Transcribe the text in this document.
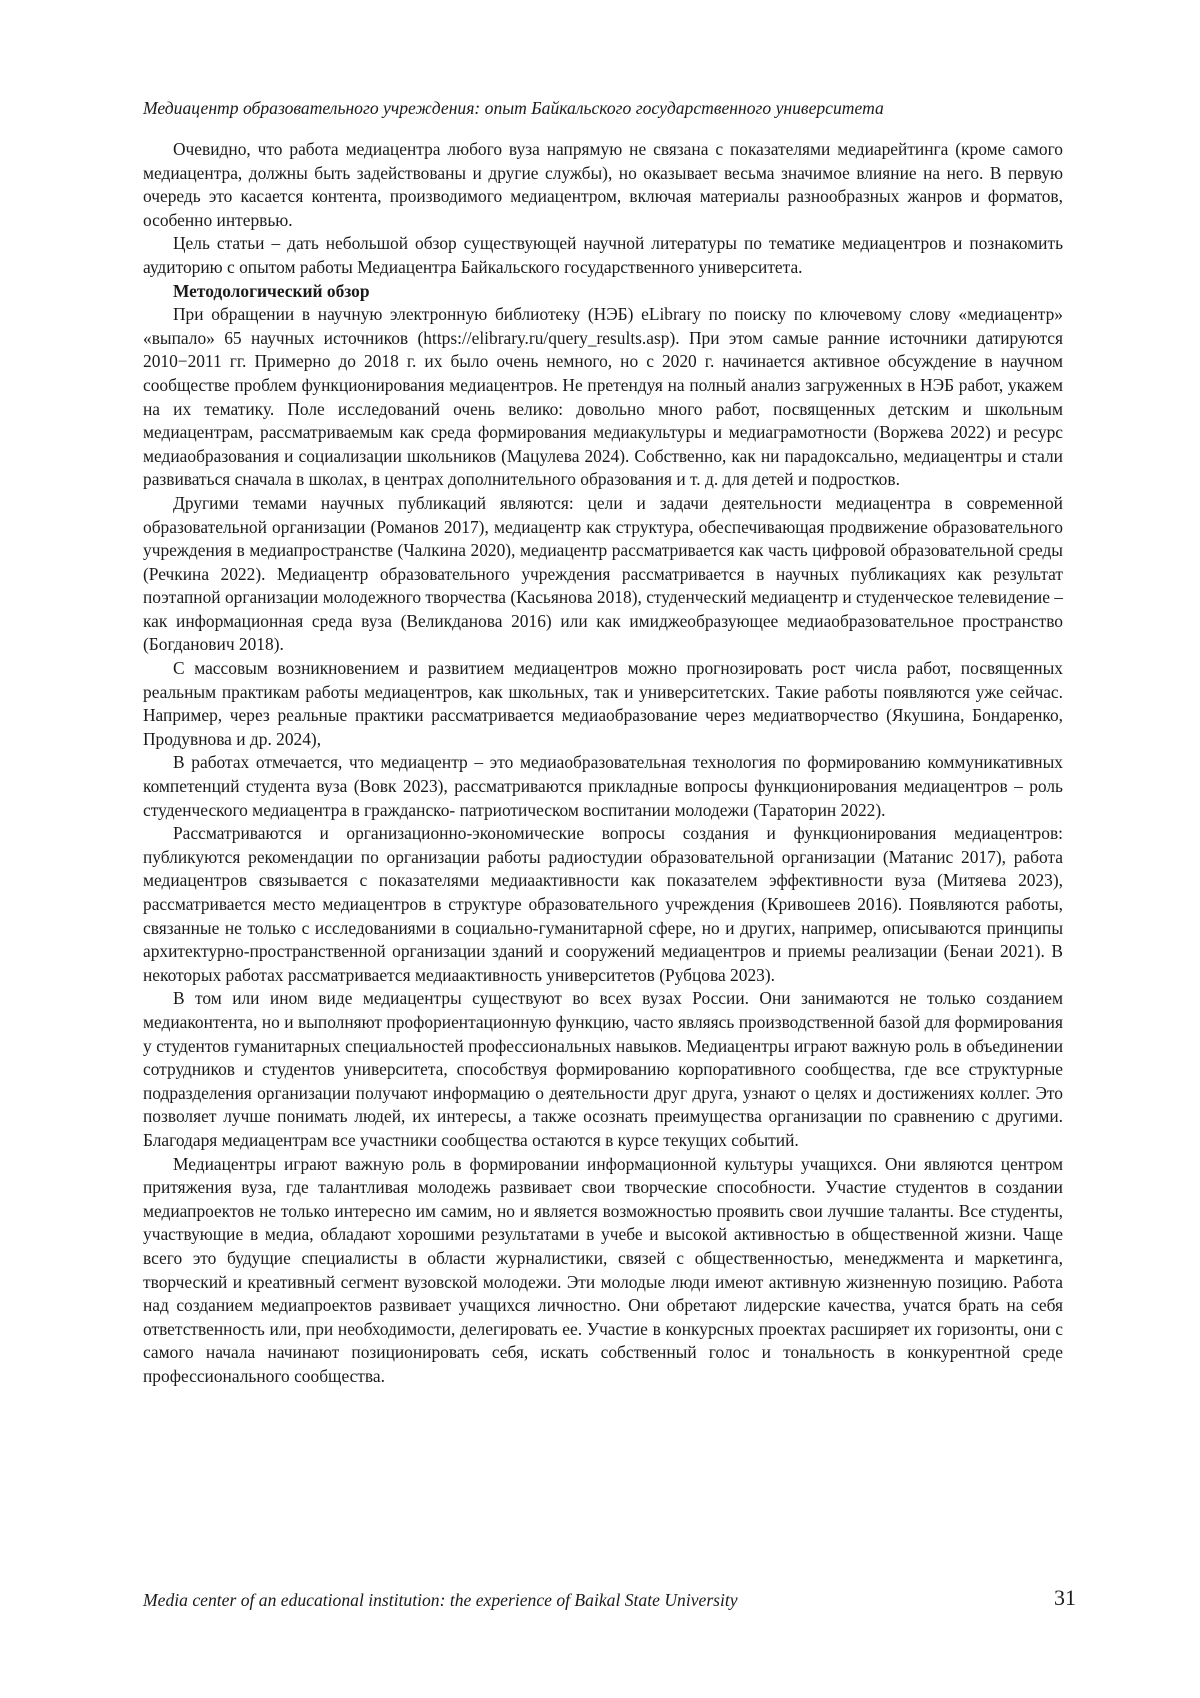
Медиацентр образовательного учреждения: опыт Байкальского государственного университета

Очевидно, что работа медиацентра любого вуза напрямую не связана с показателями медиарейтинга (кроме самого медиацентра, должны быть задействованы и другие службы), но оказывает весьма значимое влияние на него. В первую очередь это касается контента, производимого медиацентром, включая материалы разнообразных жанров и форматов, особенно интервью.

Цель статьи – дать небольшой обзор существующей научной литературы по тематике медиацентров и познакомить аудиторию с опытом работы Медиацентра Байкальского государственного университета.

Методологический обзор

При обращении в научную электронную библиотеку (НЭБ) eLibrary по поиску по ключевому слову «медиацентр» «выпало» 65 научных источников (https://elibrary.ru/query_results.asp). При этом самые ранние источники датируются 2010−2011 гг. Примерно до 2018 г. их было очень немного, но с 2020 г. начинается активное обсуждение в научном сообществе проблем функционирования медиацентров. Не претендуя на полный анализ загруженных в НЭБ работ, укажем на их тематику. Поле исследований очень велико: довольно много работ, посвященных детским и школьным медиацентрам, рассматриваемым как среда формирования медиакультуры и медиаграмотности (Воржева 2022) и ресурс медиаобразования и социализации школьников (Мацулева 2024). Собственно, как ни парадоксально, медиацентры и стали развиваться сначала в школах, в центрах дополнительного образования и т. д. для детей и подростков.

Другими темами научных публикаций являются: цели и задачи деятельности медиацентра в современной образовательной организации (Романов 2017), медиацентр как структура, обеспечивающая продвижение образовательного учреждения в медиапространстве (Чалкина 2020), медиацентр рассматривается как часть цифровой образовательной среды (Речкина 2022). Медиацентр образовательного учреждения рассматривается в научных публикациях как результат поэтапной организации молодежного творчества (Касьянова 2018), студенческий медиацентр и студенческое телевидение – как информационная среда вуза (Великданова 2016) или как имиджеобразующее медиаобразовательное пространство (Богданович 2018).

С массовым возникновением и развитием медиацентров можно прогнозировать рост числа работ, посвященных реальным практикам работы медиацентров, как школьных, так и университетских. Такие работы появляются уже сейчас. Например, через реальные практики рассматривается медиаобразование через медиатворчество (Якушина, Бондаренко, Продувнова и др. 2024),

В работах отмечается, что медиацентр – это медиаобразовательная технология по формированию коммуникативных компетенций студента вуза (Вовк 2023), рассматриваются прикладные вопросы функционирования медиацентров – роль студенческого медиацентра в гражданско- патриотическом воспитании молодежи (Тараторин 2022).

Рассматриваются и организационно-экономические вопросы создания и функционирования медиацентров: публикуются рекомендации по организации работы радиостудии образовательной организации (Матанис 2017), работа медиацентров связывается с показателями медиаактивности как показателем эффективности вуза (Митяева 2023), рассматривается место медиацентров в структуре образовательного учреждения (Кривошеев 2016). Появляются работы, связанные не только с исследованиями в социально-гуманитарной сфере, но и других, например, описываются принципы архитектурно-пространственной организации зданий и сооружений медиацентров и приемы реализации (Бенаи 2021). В некоторых работах рассматривается медиаактивность университетов (Рубцова 2023).

В том или ином виде медиацентры существуют во всех вузах России. Они занимаются не только созданием медиаконтента, но и выполняют профориентационную функцию, часто являясь производственной базой для формирования у студентов гуманитарных специальностей профессиональных навыков. Медиацентры играют важную роль в объединении сотрудников и студентов университета, способствуя формированию корпоративного сообщества, где все структурные подразделения организации получают информацию о деятельности друг друга, узнают о целях и достижениях коллег. Это позволяет лучше понимать людей, их интересы, а также осознать преимущества организации по сравнению с другими. Благодаря медиацентрам все участники сообщества остаются в курсе текущих событий.

Медиацентры играют важную роль в формировании информационной культуры учащихся. Они являются центром притяжения вуза, где талантливая молодежь развивает свои творческие способности. Участие студентов в создании медиапроектов не только интересно им самим, но и является возможностью проявить свои лучшие таланты. Все студенты, участвующие в медиа, обладают хорошими результатами в учебе и высокой активностью в общественной жизни. Чаще всего это будущие специалисты в области журналистики, связей с общественностью, менеджмента и маркетинга, творческий и креативный сегмент вузовской молодежи. Эти молодые люди имеют активную жизненную позицию. Работа над созданием медиапроектов развивает учащихся личностно. Они обретают лидерские качества, учатся брать на себя ответственность или, при необходимости, делегировать ее. Участие в конкурсных проектах расширяет их горизонты, они с самого начала начинают позиционировать себя, искать собственный голос и тональность в конкурентной среде профессионального сообщества.

Media center of an educational institution: the experience of Baikal State University	31
